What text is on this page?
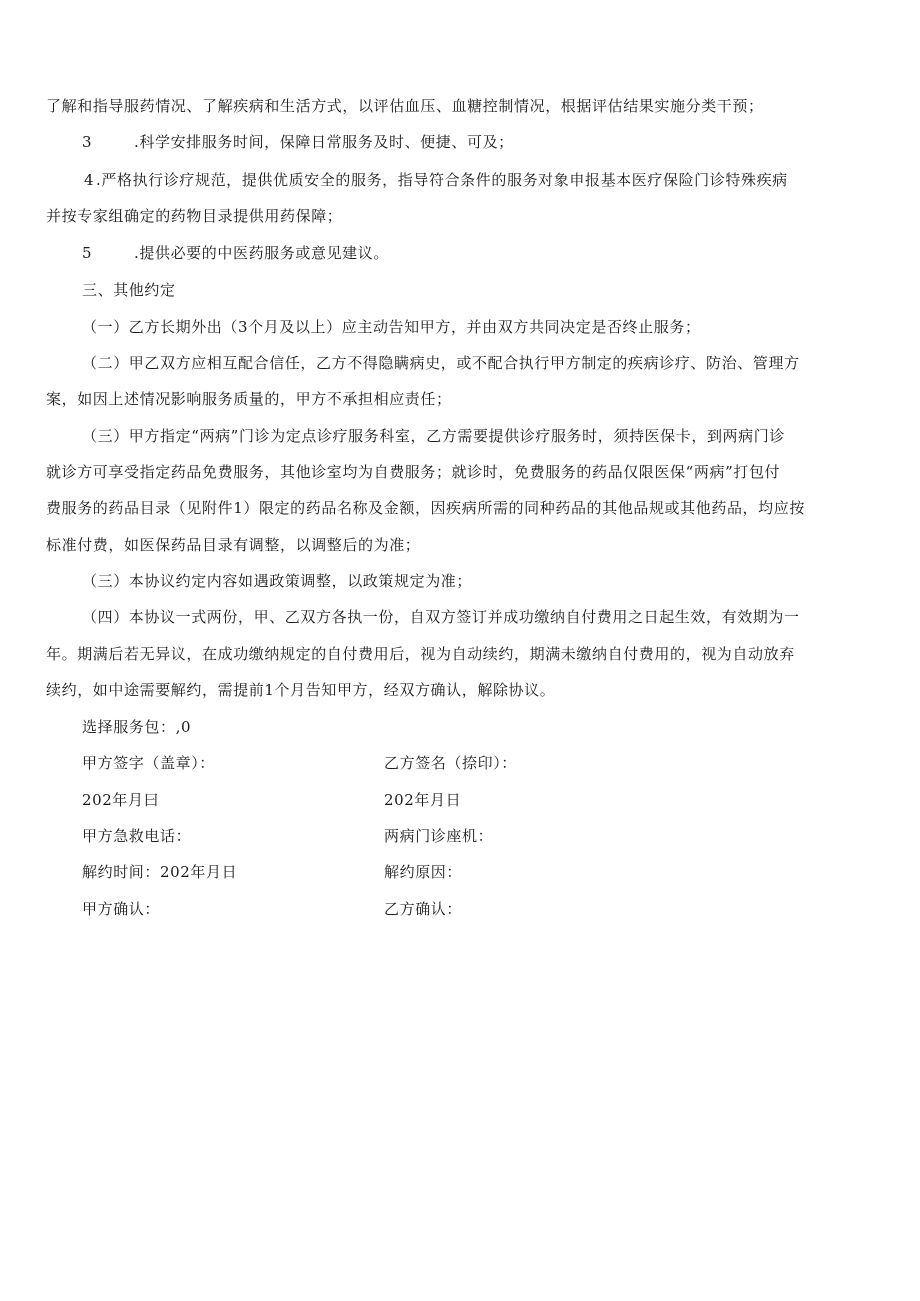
了解和指导服药情况、了解疾病和生活方式，以评估血压、血糖控制情况，根据评估结果实施分类干预；
3	.科学安排服务时间，保障日常服务及时、便捷、可及；
4 .严格执行诊疗规范，提供优质安全的服务，指导符合条件的服务对象申报基本医疗保险门诊特殊疾病
并按专家组确定的药物目录提供用药保障；
5	.提供必要的中医药服务或意见建议。
三、其他约定
（一）乙方长期外出（3个月及以上）应主动告知甲方，并由双方共同决定是否终止服务；
（二）甲乙双方应相互配合信任，乙方不得隐瞒病史，或不配合执行甲方制定的疾病诊疗、防治、管理方
案，如因上述情况影响服务质量的，甲方不承担相应责任；
（三）甲方指定“两病”门诊为定点诊疗服务科室，乙方需要提供诊疗服务时，须持医保卡，到两病门诊
就诊方可享受指定药品免费服务，其他诊室均为自费服务；就诊时，免费服务的药品仅限医保“两病”打包付
费服务的药品目录（见附件1）限定的药品名称及金额，因疾病所需的同种药品的其他品规或其他药品，均应按
标准付费，如医保药品目录有调整，以调整后的为准；
（三）本协议约定内容如遇政策调整，以政策规定为准；
（四）本协议一式两份，甲、乙双方各执一份，自双方签订并成功缴纳自付费用之日起生效，有效期为一
年。期满后若无异议，在成功缴纳规定的自付费用后，视为自动续约，期满未缴纳自付费用的，视为自动放弃
续约，如中途需要解约，需提前1个月告知甲方，经双方确认，解除协议。
选择服务包：,0
甲方签字（盖章）：	乙方签名（捺印）：
202年月曰	202年月日
甲方急救电话：	两病门诊座机：
解约时间：202年月日	解约原因：
甲方确认：	乙方确认：
